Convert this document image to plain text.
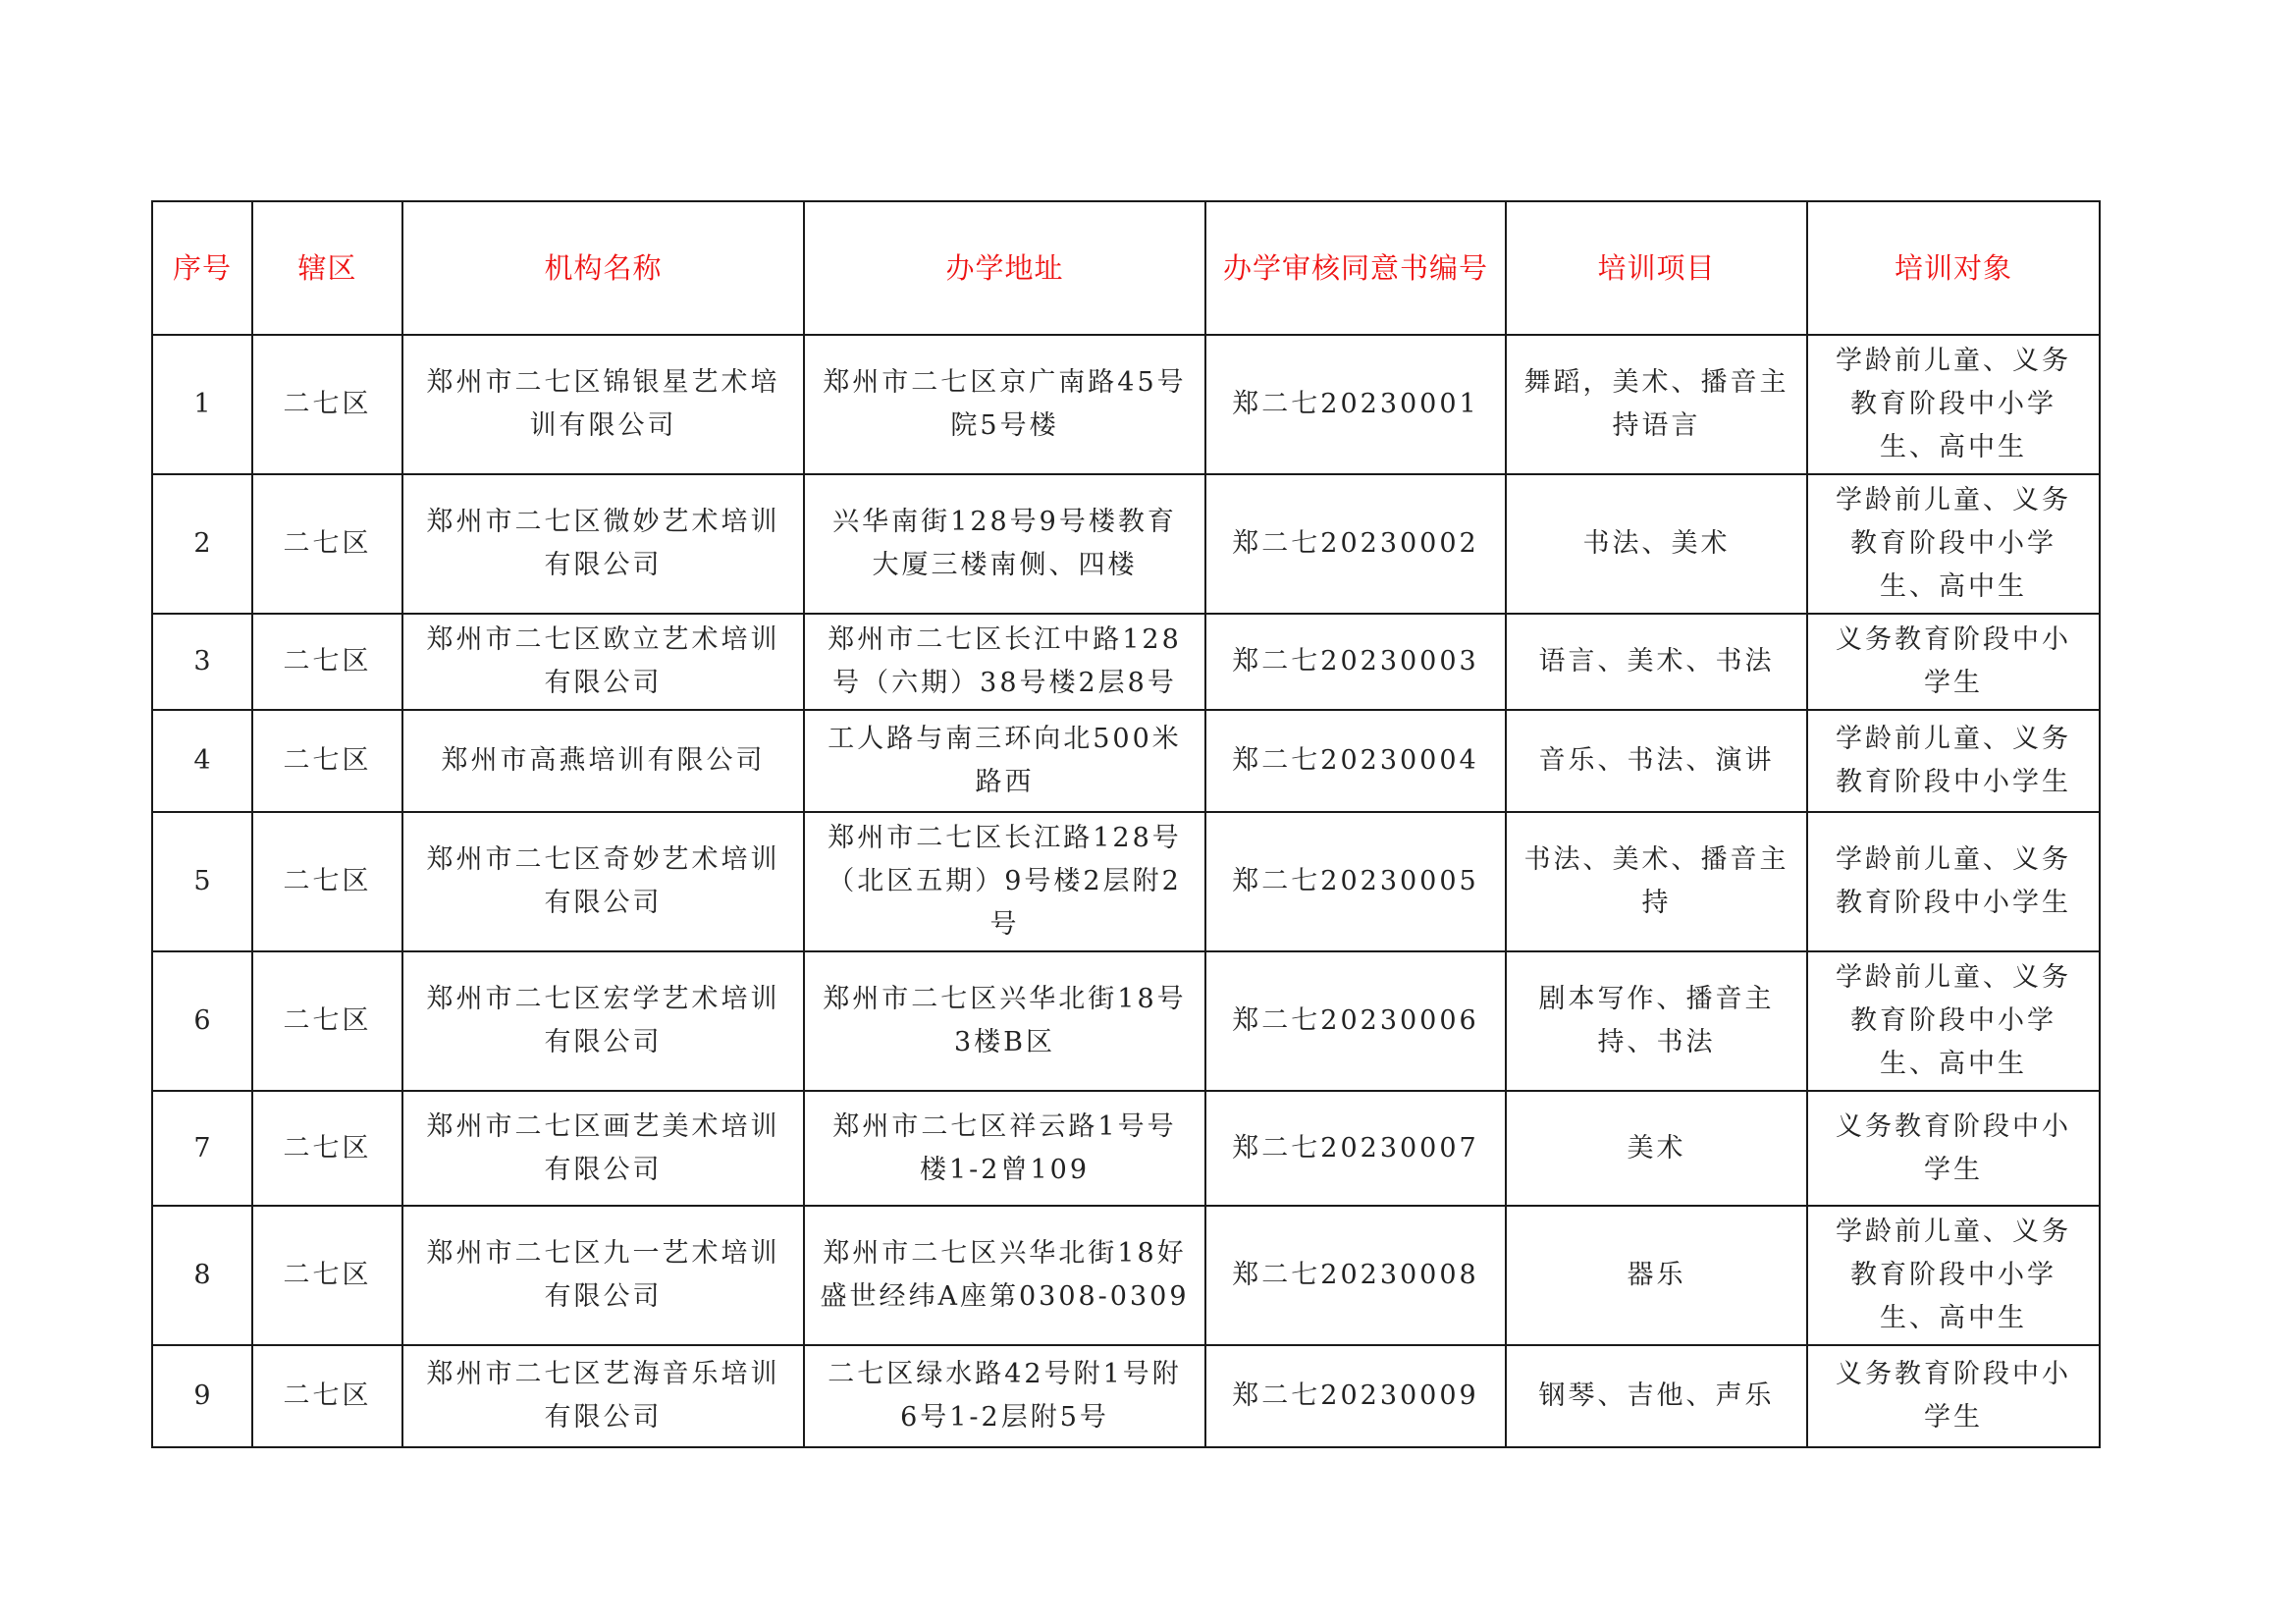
序号	辖区	机构名称	办学地址	办学审核同意书编号	培训项目	培训对象
1	二七区	郑州市二七区锦银星艺术培训有限公司	郑州市二七区京广南路45号院5号楼	郑二七20230001	舞蹈，美术、播音主持语言	学龄前儿童、义务教育阶段中小学生、高中生
2	二七区	郑州市二七区微妙艺术培训有限公司	兴华南街128号9号楼教育大厦三楼南侧、四楼	郑二七20230002	书法、美术	学龄前儿童、义务教育阶段中小学生、高中生
3	二七区	郑州市二七区欧立艺术培训有限公司	郑州市二七区长江中路128号（六期）38号楼2层8号	郑二七20230003	语言、美术、书法	义务教育阶段中小学生
4	二七区	郑州市高燕培训有限公司	工人路与南三环向北500米路西	郑二七20230004	音乐、书法、演讲	学龄前儿童、义务教育阶段中小学生
5	二七区	郑州市二七区奇妙艺术培训有限公司	郑州市二七区长江路128号（北区五期）9号楼2层附2号	郑二七20230005	书法、美术、播音主持	学龄前儿童、义务教育阶段中小学生
6	二七区	郑州市二七区宏学艺术培训有限公司	郑州市二七区兴华北街18号3楼B区	郑二七20230006	剧本写作、播音主持、书法	学龄前儿童、义务教育阶段中小学生、高中生
7	二七区	郑州市二七区画艺美术培训有限公司	郑州市二七区祥云路1号号楼1-2曾109	郑二七20230007	美术	义务教育阶段中小学生
8	二七区	郑州市二七区九一艺术培训有限公司	郑州市二七区兴华北街18好盛世经纬A座第0308-0309	郑二七20230008	器乐	学龄前儿童、义务教育阶段中小学生、高中生
9	二七区	郑州市二七区艺海音乐培训有限公司	二七区绿水路42号附1号附6号1-2层附5号	郑二七20230009	钢琴、吉他、声乐	义务教育阶段中小学生
